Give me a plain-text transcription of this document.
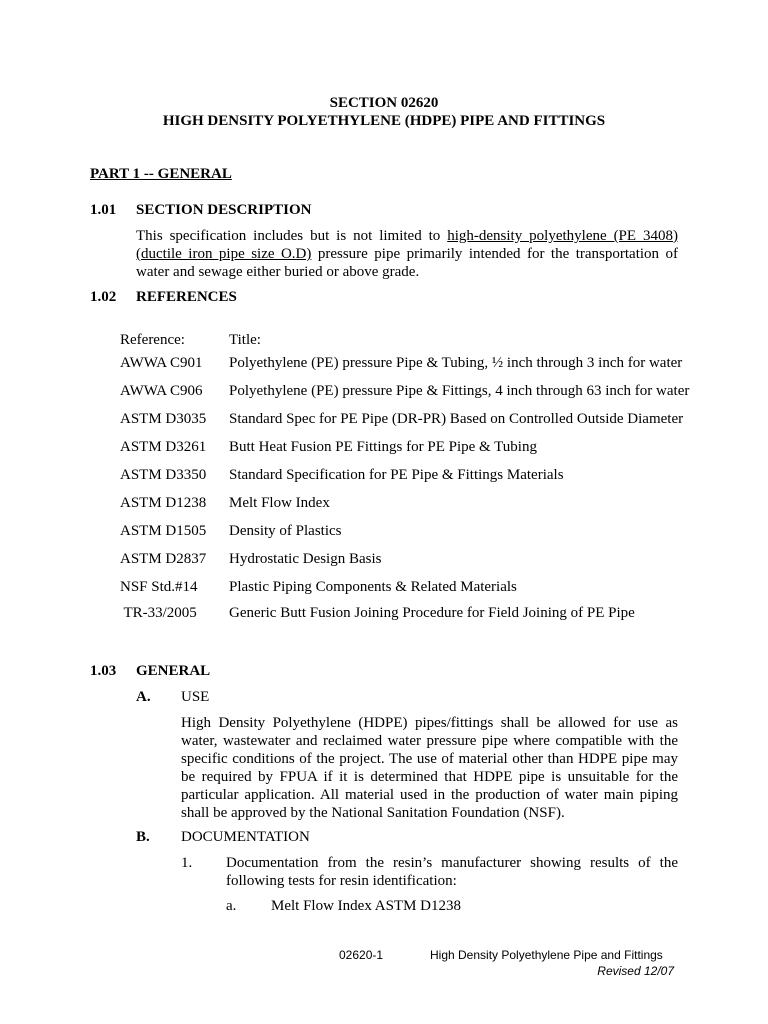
SECTION 02620
HIGH DENSITY POLYETHYLENE (HDPE) PIPE AND FITTINGS
PART 1 -- GENERAL
1.01 SECTION DESCRIPTION
This specification includes but is not limited to high-density polyethylene (PE 3408)
(ductile iron pipe size O.D) pressure pipe primarily intended for the transportation of
water and sewage either buried or above grade.
1.02 REFERENCES
Reference:	Title:
AWWA C901 Polyethylene (PE) pressure Pipe & Tubing, ½ inch through 3 inch for water
AWWA C906 Polyethylene (PE) pressure Pipe & Fittings, 4 inch through 63 inch for water
ASTM D3035 Standard Spec for PE Pipe (DR-PR) Based on Controlled Outside Diameter
ASTM D3261 Butt Heat Fusion PE Fittings for PE Pipe & Tubing
ASTM D3350 Standard Specification for PE Pipe & Fittings Materials
ASTM D1238 Melt Flow Index
ASTM D1505 Density of Plastics
ASTM D2837 Hydrostatic Design Basis
NSF Std.#14 Plastic Piping Components & Related Materials
TR-33/2005 Generic Butt Fusion Joining Procedure for Field Joining of PE Pipe
1.03 GENERAL
A. USE
High Density Polyethylene (HDPE) pipes/fittings shall be allowed for use as
water, wastewater and reclaimed water pressure pipe where compatible with the
specific conditions of the project. The use of material other than HDPE pipe may
be required by FPUA if it is determined that HDPE pipe is unsuitable for the
particular application. All material used in the production of water main piping
shall be approved by the National Sanitation Foundation (NSF).
B. DOCUMENTATION
1. Documentation from the resin’s manufacturer showing results of the
following tests for resin identification:
a. Melt Flow Index ASTM D1238
02620-1	High Density Polyethylene Pipe and Fittings
Revised 12/07
